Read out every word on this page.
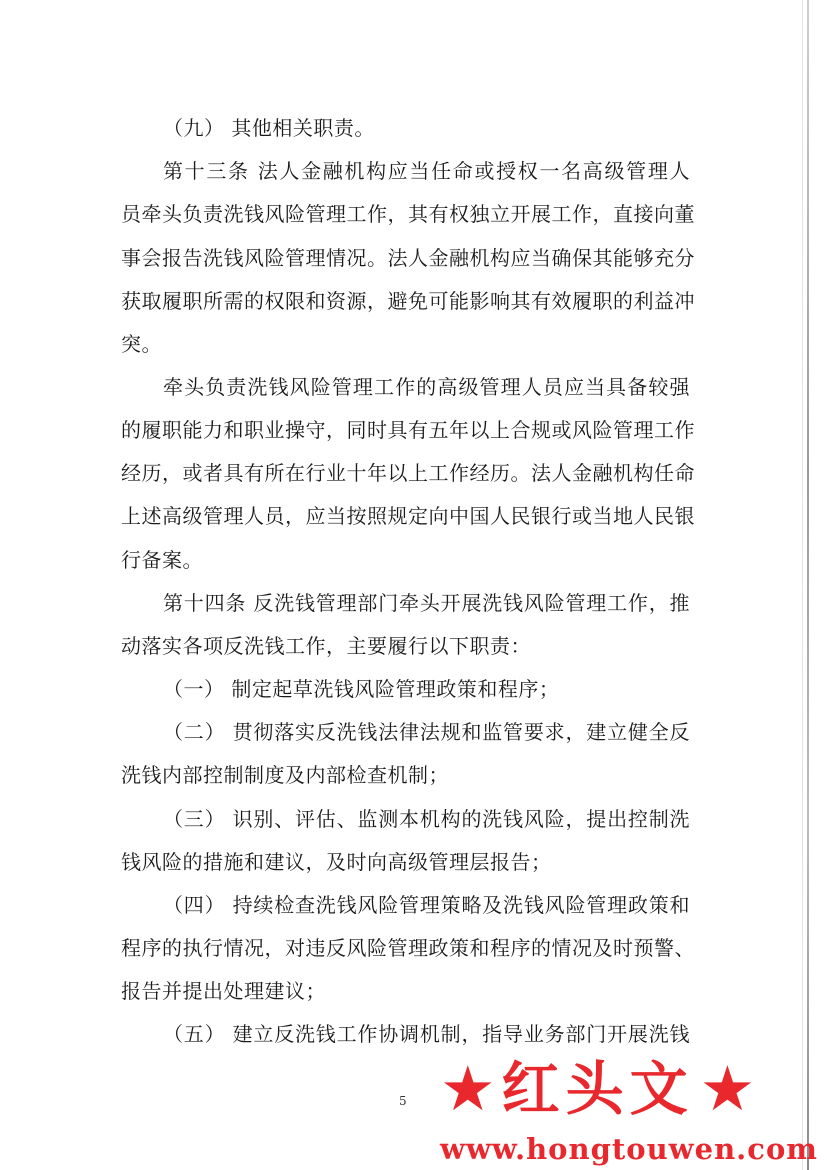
（九） 其他相关职责。
第十三条 法人金融机构应当任命或授权一名高级管理人
员牵头负责洗钱风险管理工作，其有权独立开展工作，直接向董
事会报告洗钱风险管理情况。法人金融机构应当确保其能够充分
获取履职所需的权限和资源，避免可能影响其有效履职的利益冲
突。
牵头负责洗钱风险管理工作的高级管理人员应当具备较强
的履职能力和职业操守，同时具有五年以上合规或风险管理工作
经历，或者具有所在行业十年以上工作经历。法人金融机构任命
上述高级管理人员，应当按照规定向中国人民银行或当地人民银
行备案。
第十四条 反洗钱管理部门牵头开展洗钱风险管理工作，推
动落实各项反洗钱工作，主要履行以下职责：
（一） 制定起草洗钱风险管理政策和程序；
（二） 贯彻落实反洗钱法律法规和监管要求，建立健全反
洗钱内部控制制度及内部检查机制；
（三） 识别、评估、监测本机构的洗钱风险，提出控制洗
钱风险的措施和建议，及时向高级管理层报告；
（四） 持续检查洗钱风险管理策略及洗钱风险管理政策和
程序的执行情况，对违反风险管理政策和程序的情况及时预警、
报告并提出处理建议；
（五） 建立反洗钱工作协调机制，指导业务部门开展洗钱
5 ★ 红头文 ★
www.hongtouwen.com
